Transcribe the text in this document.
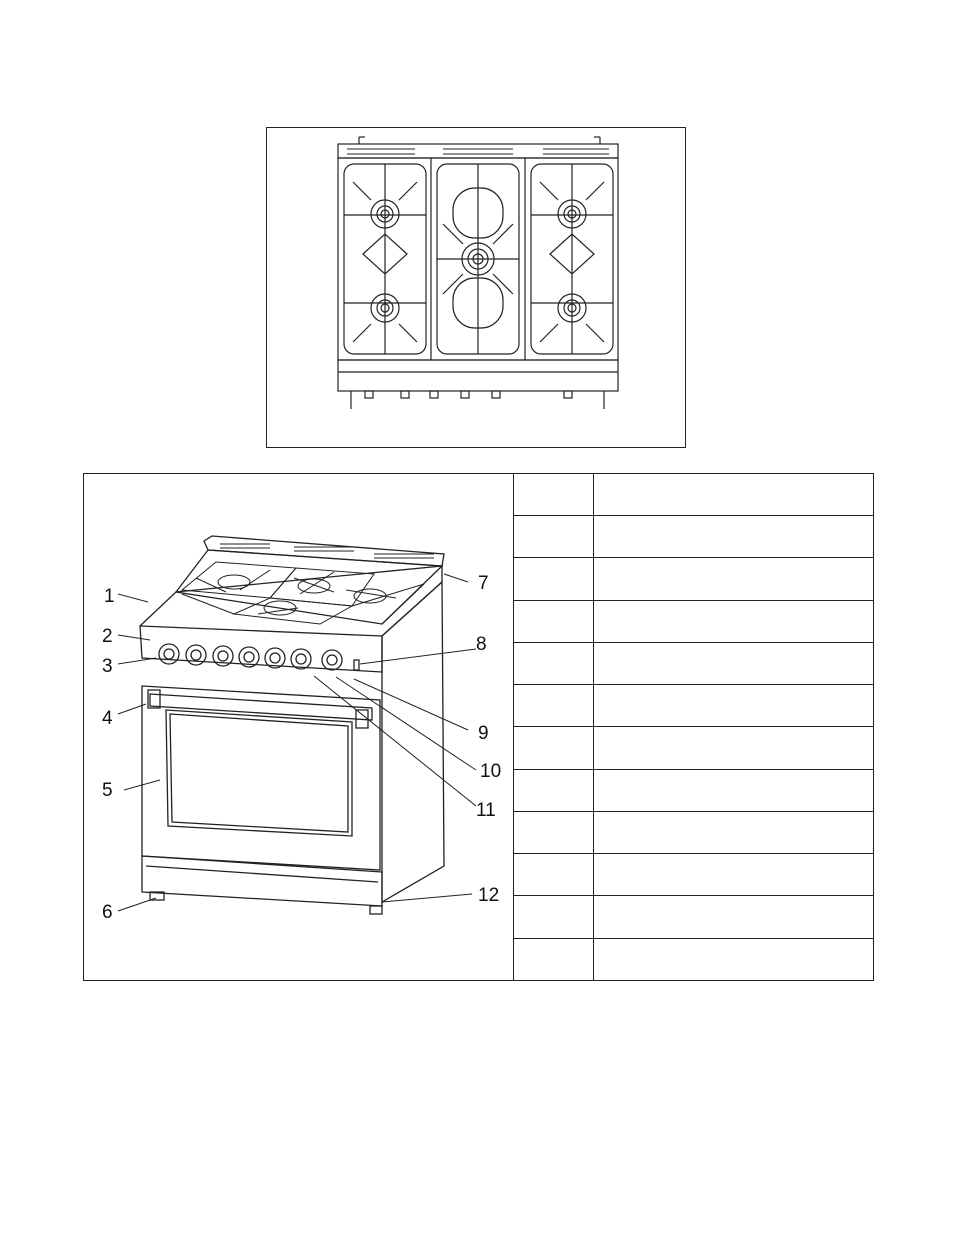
1
2
3
4
5
6
7
8
9
10
11
12
